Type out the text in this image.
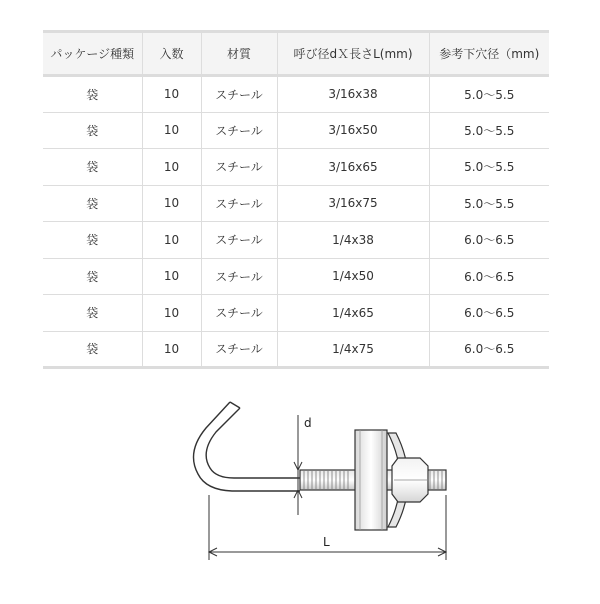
パッケージ種類	入数	材質	呼び径dＸ長さL(mm)	参考下穴径（mm)
袋	10	スチール	3/16x38	5.0～5.5
袋	10	スチール	3/16x50	5.0～5.5
袋	10	スチール	3/16x65	5.0～5.5
袋	10	スチール	3/16x75	5.0～5.5
袋	10	スチール	1/4x38	6.0～6.5
袋	10	スチール	1/4x50	6.0～6.5
袋	10	スチール	1/4x65	6.0～6.5
袋	10	スチール	1/4x75	6.0～6.5
d
L
